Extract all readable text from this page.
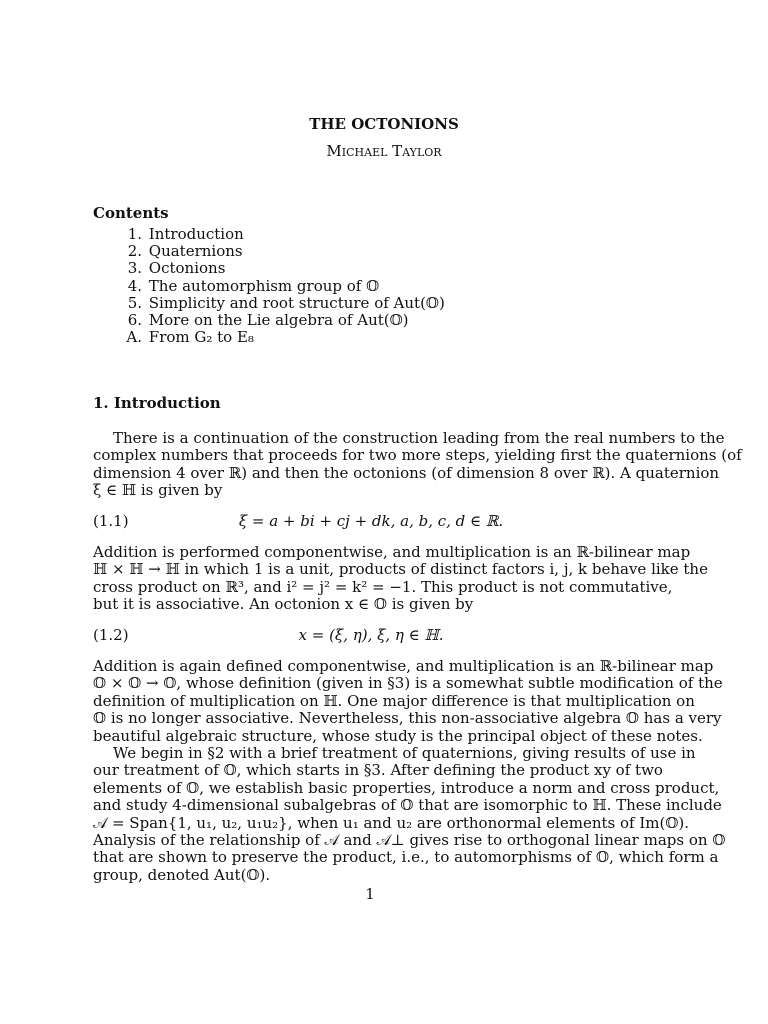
THE OCTONIONS
Michael Taylor
Contents
1. Introduction
2. Quaternions
3. Octonions
4. The automorphism group of 𝕆
5. Simplicity and root structure of Aut(𝕆)
6. More on the Lie algebra of Aut(𝕆)
A. From G₂ to E₈
1. Introduction
There is a continuation of the construction leading from the real numbers to the
complex numbers that proceeds for two more steps, yielding first the quaternions (of
dimension 4 over ℝ) and then the octonions (of dimension 8 over ℝ). A quaternion
ξ ∈ ℍ is given by
(1.1)	ξ = a + bi + cj + dk, a, b, c, d ∈ ℝ.
Addition is performed componentwise, and multiplication is an ℝ-bilinear map
ℍ × ℍ → ℍ in which 1 is a unit, products of distinct factors i, j, k behave like the
cross product on ℝ³, and i² = j² = k² = −1. This product is not commutative,
but it is associative. An octonion x ∈ 𝕆 is given by
(1.2)	x = (ξ, η), ξ, η ∈ ℍ.
Addition is again defined componentwise, and multiplication is an ℝ-bilinear map
𝕆 × 𝕆 → 𝕆, whose definition (given in §3) is a somewhat subtle modification of the
definition of multiplication on ℍ. One major difference is that multiplication on
𝕆 is no longer associative. Nevertheless, this non-associative algebra 𝕆 has a very
beautiful algebraic structure, whose study is the principal object of these notes.
We begin in §2 with a brief treatment of quaternions, giving results of use in
our treatment of 𝕆, which starts in §3. After defining the product xy of two
elements of 𝕆, we establish basic properties, introduce a norm and cross product,
and study 4-dimensional subalgebras of 𝕆 that are isomorphic to ℍ. These include
𝒜 = Span{1, u₁, u₂, u₁u₂}, when u₁ and u₂ are orthonormal elements of Im(𝕆).
Analysis of the relationship of 𝒜 and 𝒜⊥ gives rise to orthogonal linear maps on 𝕆
that are shown to preserve the product, i.e., to automorphisms of 𝕆, which form a
group, denoted Aut(𝕆).
1
